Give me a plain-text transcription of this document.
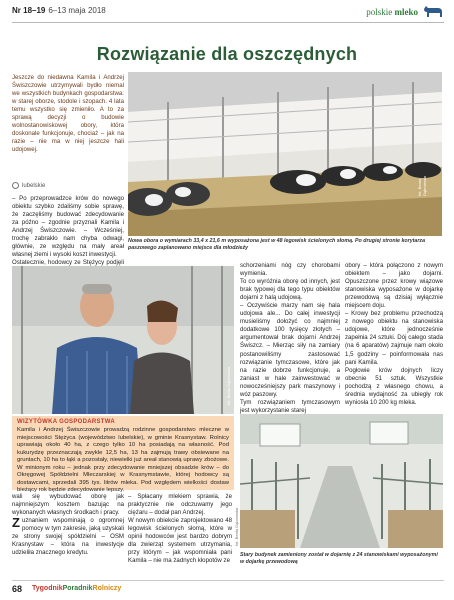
Nr 18–19 6–13 maja 2018	polskie mleko
Rozwiązanie dla oszczędnych
Jeszcze do niedawna Kamila i Andrzej Świszczowie utrzymywali bydło niemal we wszystkich budynkach gospodarstwa: w starej oborze, stodole i szopach. 4 lata temu wszystko się zmieniło. A to za sprawą decyzji o budowie wolnostanowiskowej obory, która doskonale funkcjonuje, chociaż – jak na razie – nie ma w niej jeszcze hali udojowej.
lubelskie
– Po przeprowadzce krów do nowego obiektu szybko zdaliśmy sobie sprawę, że zaczęliśmy budować zdecydowanie za późno – zgodnie przyznali Kamila i Andrzej Świszczowie. – Wcześniej, trochę zabrakło nam chyba odwagi, głównie, ze względu na mały areał własnej ziemi i wysoki koszt inwestycji.
Ostatecznie, hodowcy ze Stężycy podjęli
fot. Beata Dąbrowska
Nowa obora o wymiarach 33,4 x 21,6 m wyposażona jest w 48 legowisk ścielonych słomą. Po drugiej stronie korytarza paszowego zaplanowano miejsce dla młodzieży
schorzeniami nóg czy chorobami wymienia.
To co wyróżnia oborę od innych, jest brak typowej dla tego typu obiektów dojarni z halą udojową.
– Oczywiście marzy nam się hala udojowa ale... Do całej inwestycji musieliśmy dołożyć co najmniej dodatkowe 100 tysięcy złotych – argumentował brak dojarni Andrzej Świszcz. – Mierząc siły na zamiary postanowiliśmy zastosować rozwiązanie tymczasowe, które jak na razie dobrze funkcjonuje, a zaniast w hale zainwestować w nowocześniejszy park maszynowy i wóz paszowy.
Tym rozwiązaniem tymczasowym jest wykorzystanie starej
obory – która połączono z nowym obiektem – jako dojarni. Opuszczone przez krowy wiązowe stanowiska wyposażone w dojarkę przewodową są dzisiaj wyłącznie miejscem doju.
– Krowy bez problemu przechodzą z nowego obiektu na stanowiska udojowe, które jednocześnie zapełnia 24 sztuki. Dój całego stada (na 6 aparatów) zajmuje nam około 1,5 godziny – poinformowała nas pani Kamila.
Pogłowie krów dojnych liczy obecnie 51 sztuk. Wszystkie pochodzą z własnego chowu, a średnia wydajność za ubiegły rok wyniosła 10 200 kg mleka.
fot. Beata Dąbrowska
WIZYTÓWKA GOSPODARSTWA
Kamila i Andrzej Świszczowie prowadzą rodzinne gospodarstwo mleczne w miejscowości Stężyca (województwo lubelskie), w gminie Krasnystaw. Rolnicy uprawiają około 40 ha, z czego tylko 10 ha posiadają na własność. Pod kukurydzę przeznaczają zwykle 12,5 ha, 13 ha zajmują trawy obsiewane na gruntach, 10 ha to łąki a pozostały, niewielki już areał stanowią uprawy zbożowe. W minionym roku – jednak przy zdecydowanie mniejszej obsadzie krów – do Okręgowej Spółdzielni Mleczarskiej w Krasnymstawie, której hodowcy są dostawcami, sprzedali 395 tys. litrów mleka. Pod względem wielkości dostaw bieżący rok będzie zdecydowanie lepszy.
wali się wybudować oborę jak najmniejszym kosztem bazując na wykonanych własnych środkach i pracy.
Zuznaniem wspominają o ogromnej pomocy w tym zakresie, jaką uzyskali ze strony swojej spółdzielni – OSM Krasnystaw – która na inwestycje udzieliła znacznego kredytu.
– Spłacany mlekiem sprawia, że praktycznie nie odczuwamy jego ciężaru – dodał pan Andrzej.
W nowym obiekcie zaprojektowano 48 legowisk ścielonych słomą, które w opinii hodowców jest bardzo dobrym dla zwierząt systemem utrzymania, przy którym – jak wspomniała pani Kamila – nie ma żadnych kłopotów ze
fot. Beata Dąbrowska
Stary budynek zamieniony został w dojarnię z 24 stanowiskami wyposażonymi w dojarkę przewodową
68 TygodnikPoradnikRolniczy
